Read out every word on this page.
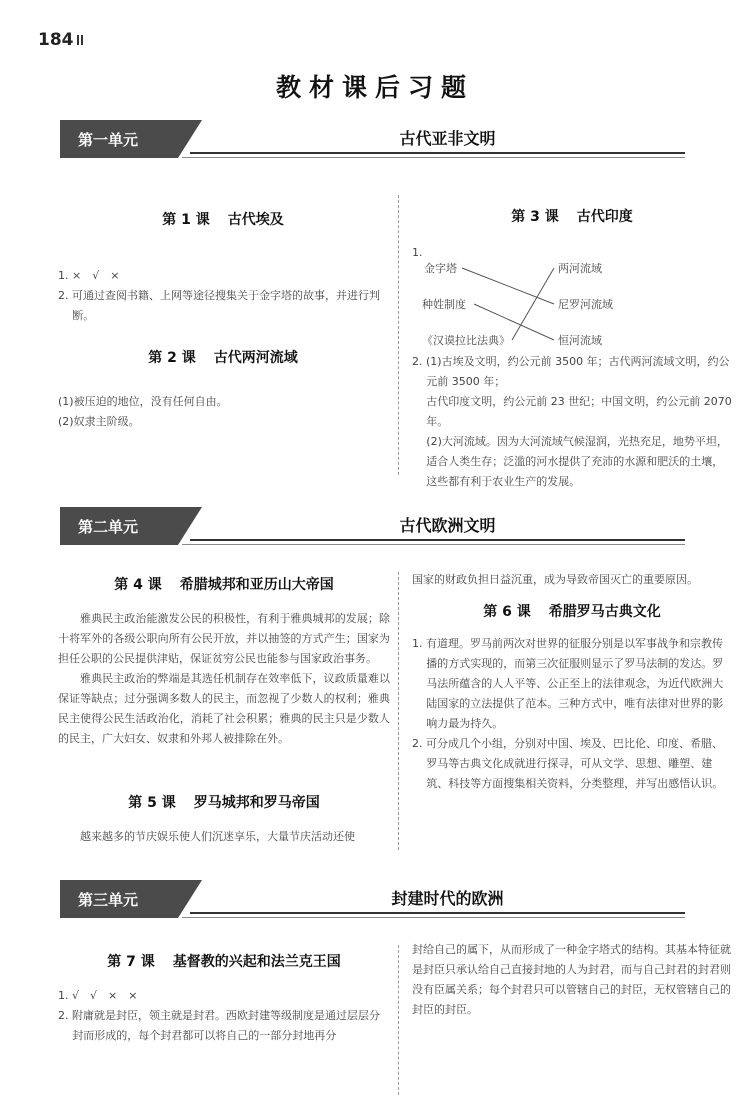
184
教材课后习题
第一单元	古代亚非文明
第 1 课 古代埃及
1. ×　√　×
2. 可通过查阅书籍、上网等途径搜集关于金字塔的故事，并进行判断。
第 2 课 古代两河流域
(1)被压迫的地位，没有任何自由。
(2)奴隶主阶级。
第 3 课 古代印度
1.
金字塔
种姓制度
《汉谟拉比法典》
两河流域
尼罗河流域
恒河流域
2. (1)古埃及文明，约公元前 3500 年；古代两河流域文明，约公元前 3500 年；
古代印度文明，约公元前 23 世纪；中国文明，约公元前 2070 年。
(2)大河流域。因为大河流域气候湿润，光热充足，地势平坦，适合人类生存；泛滥的河水提供了充沛的水源和肥沃的土壤，这些都有利于农业生产的发展。
第二单元	古代欧洲文明
第 4 课 希腊城邦和亚历山大帝国
雅典民主政治能激发公民的积极性，有利于雅典城邦的发展；除十将军外的各级公职向所有公民开放，并以抽签的方式产生；国家为担任公职的公民提供津贴，保证贫穷公民也能参与国家政治事务。
雅典民主政治的弊端是其选任机制存在效率低下，议政质量难以保证等缺点；过分强调多数人的民主，而忽视了少数人的权利；雅典民主使得公民生活政治化，消耗了社会积累；雅典的民主只是少数人的民主，广大妇女、奴隶和外邦人被排除在外。
第 5 课 罗马城邦和罗马帝国
越来越多的节庆娱乐使人们沉迷享乐，大量节庆活动还使
国家的财政负担日益沉重，成为导致帝国灭亡的重要原因。
第 6 课 希腊罗马古典文化
1. 有道理。罗马前两次对世界的征服分别是以军事战争和宗教传播的方式实现的，而第三次征服则显示了罗马法制的发达。罗马法所蕴含的人人平等、公正至上的法律观念，为近代欧洲大陆国家的立法提供了范本。三种方式中，唯有法律对世界的影响力最为持久。
2. 可分成几个小组，分别对中国、埃及、巴比伦、印度、希腊、罗马等古典文化成就进行探寻，可从文学、思想、雕塑、建筑、科技等方面搜集相关资料，分类整理，并写出感悟认识。
第三单元	封建时代的欧洲
第 7 课 基督教的兴起和法兰克王国
1. √　√　×　×
2. 附庸就是封臣，领主就是封君。西欧封建等级制度是通过层层分封而形成的，每个封君都可以将自己的一部分封地再分
封给自己的属下，从而形成了一种金字塔式的结构。其基本特征就是封臣只承认给自己直接封地的人为封君，而与自己封君的封君则没有臣属关系；每个封君只可以管辖自己的封臣，无权管辖自己的封臣的封臣。
